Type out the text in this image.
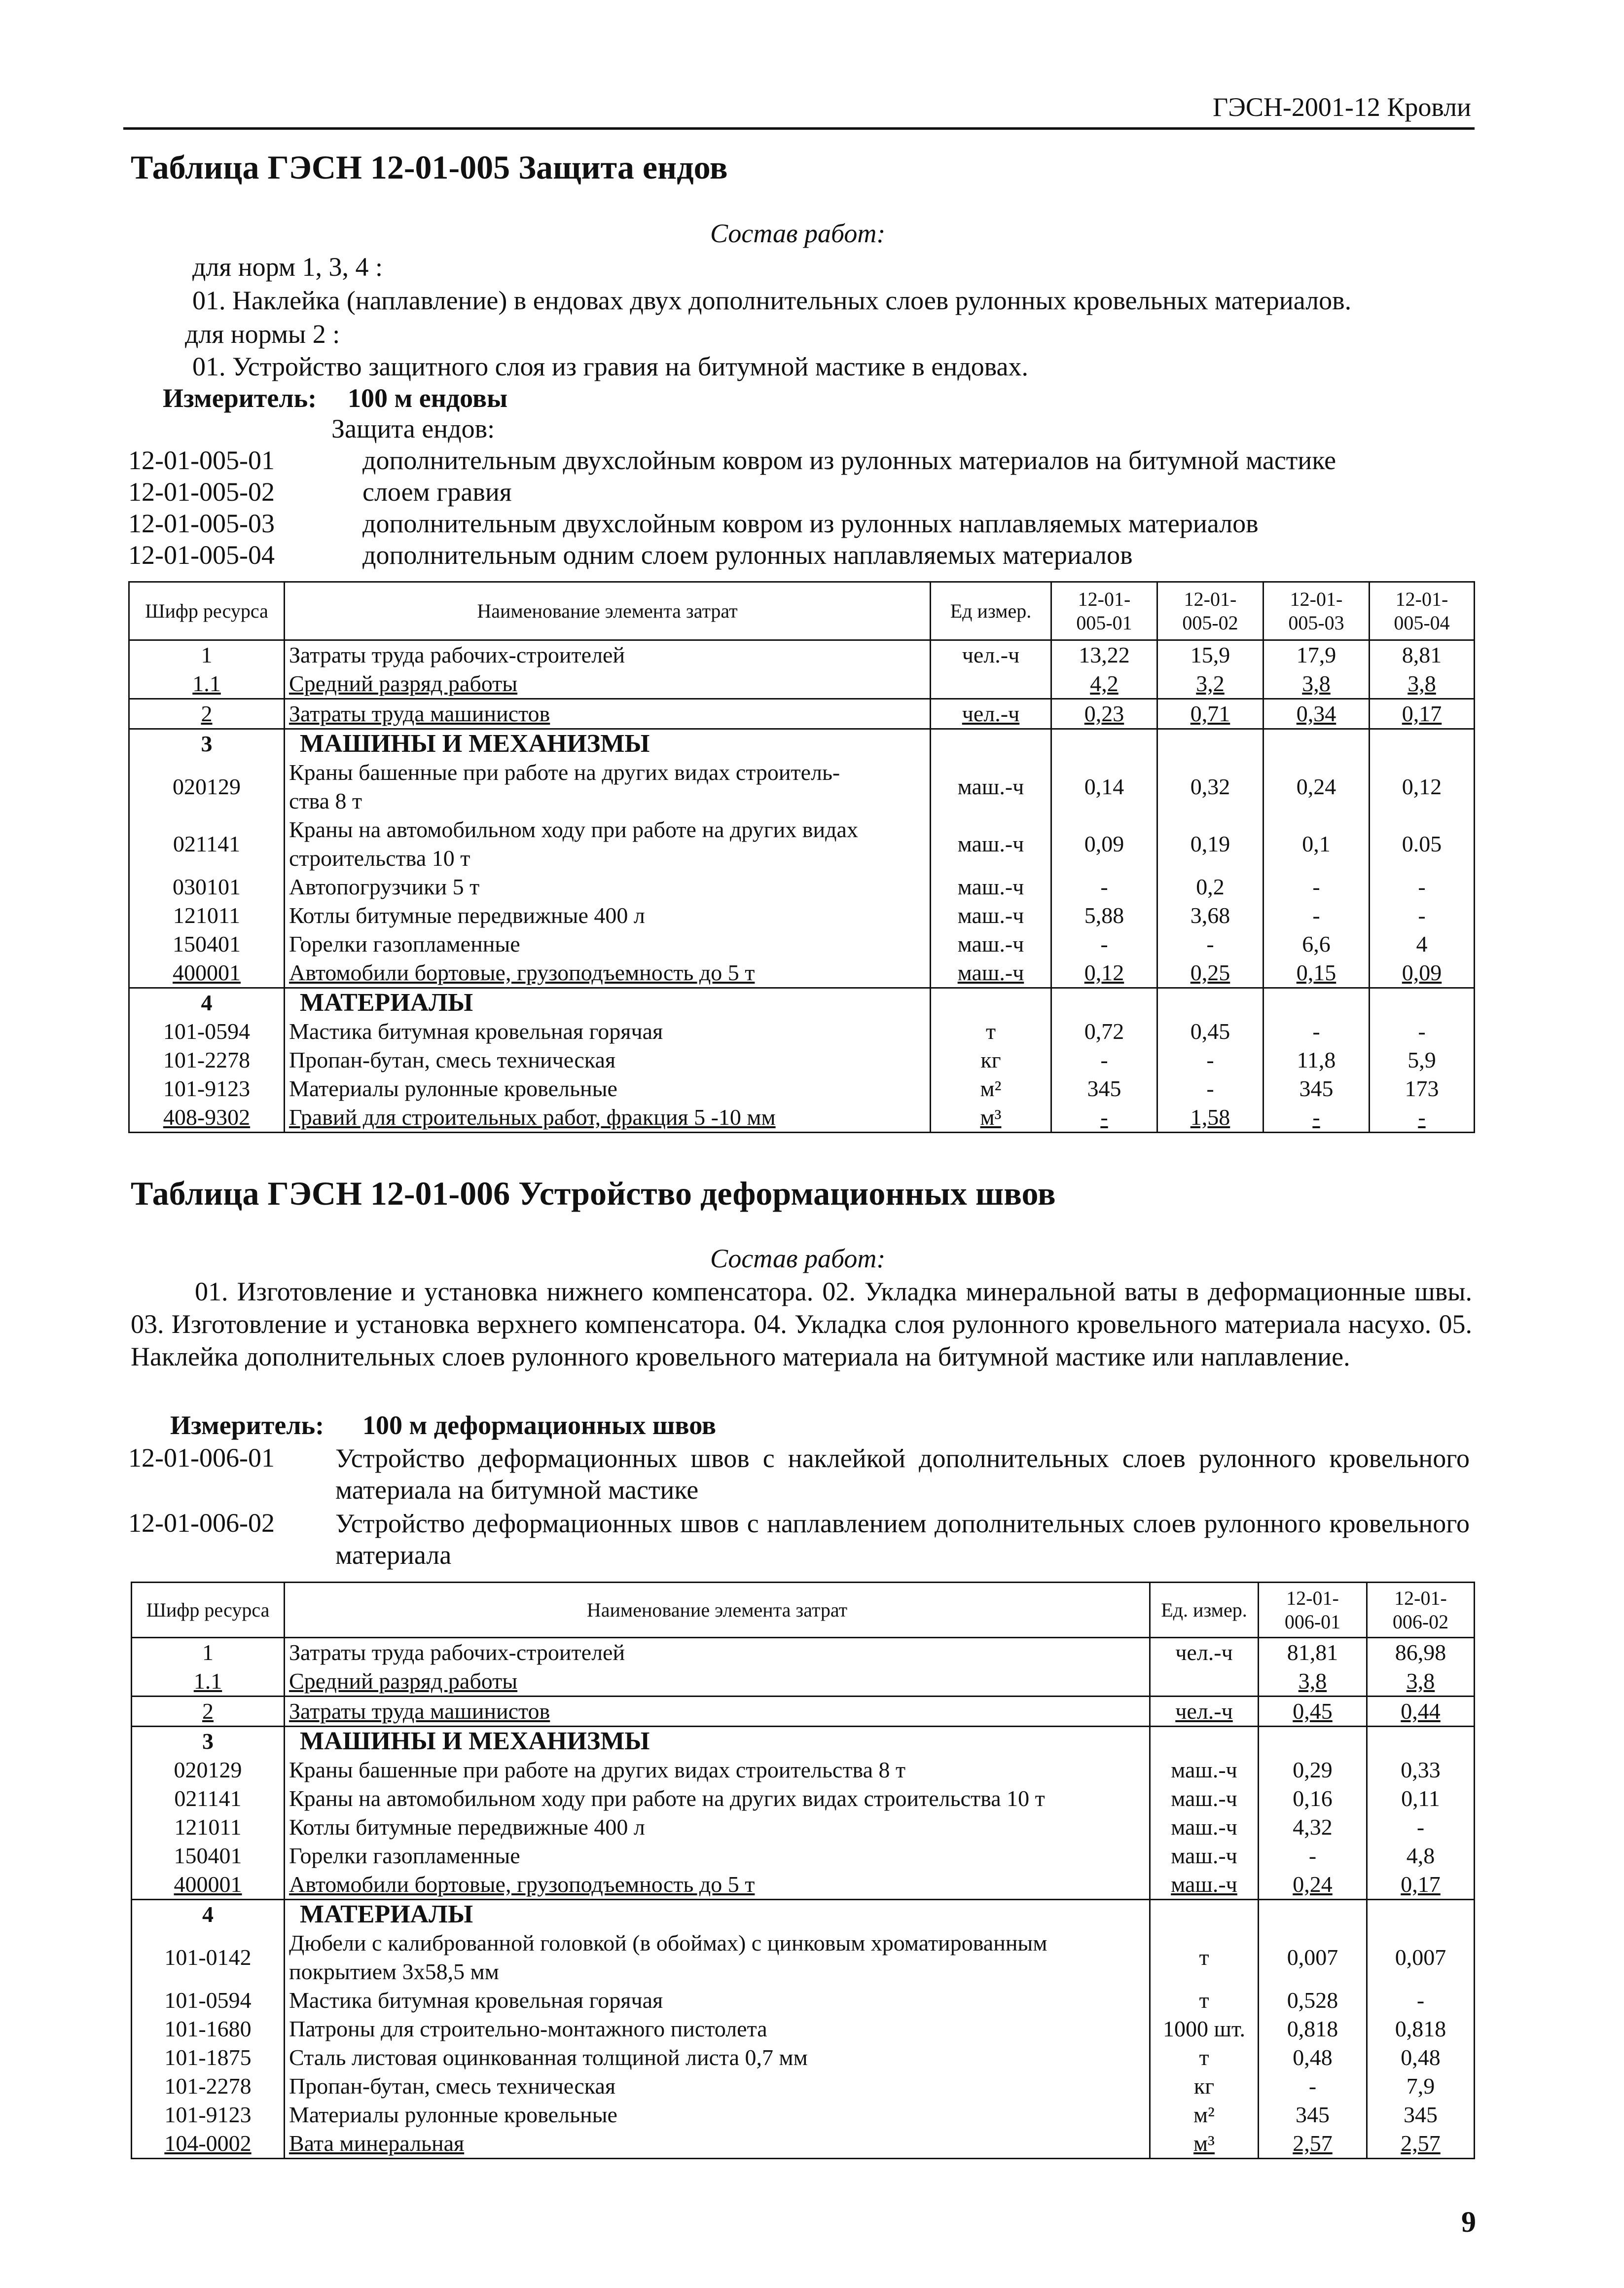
ГЭСН-2001-12 Кровли
Таблица ГЭСН 12-01-005 Защита ендов
Состав работ:
для норм 1, 3, 4 :
01. Наклейка (наплавление) в ендовах двух дополнительных слоев рулонных кровельных материалов.
для нормы 2 :
01. Устройство защитного слоя из гравия на битумной мастике в ендовах.
Измеритель: 100 м ендовы
Защита ендов:
12-01-005-01	дополнительным двухслойным ковром из рулонных материалов на битумной мастике
12-01-005-02	слоем гравия
12-01-005-03	дополнительным двухслойным ковром из рулонных наплавляемых материалов
12-01-005-04	дополнительным одним слоем рулонных наплавляемых материалов
Шифр ресурса	Наименование элемента затрат	Ед измер.	12-01-
005-01	12-01-
005-02	12-01-
005-03	12-01-
005-04
1	Затраты труда рабочих-строителей	чел.-ч	13,22	15,9	17,9	8,81
1.1	Средний разряд работы		4,2	3,2	3,8	3,8
2	Затраты труда машинистов	чел.-ч	0,23	0,71	0,34	0,17
3	МАШИНЫ И МЕХАНИЗМЫ					
020129	Краны башенные при работе на других видах строитель-
ства 8 т	маш.-ч	0,14	0,32	0,24	0,12
021141	Краны на автомобильном ходу при работе на других видах
строительства 10 т	маш.-ч	0,09	0,19	0,1	0.05
030101	Автопогрузчики 5 т	маш.-ч	-	0,2	-	-
121011	Котлы битумные передвижные 400 л	маш.-ч	5,88	3,68	-	-
150401	Горелки газопламенные	маш.-ч	-	-	6,6	4
400001	Автомобили бортовые, грузоподъемность до 5 т	маш.-ч	0,12	0,25	0,15	0,09
4	МАТЕРИАЛЫ					
101-0594	Мастика битумная кровельная горячая	т	0,72	0,45	-	-
101-2278	Пропан-бутан, смесь техническая	кг	-	-	11,8	5,9
101-9123	Материалы рулонные кровельные	м²	345	-	345	173
408-9302	Гравий для строительных работ, фракция 5 -10 мм	м³	-	1,58	-	-
Таблица ГЭСН 12-01-006 Устройство деформационных швов
Состав работ:
01. Изготовление и установка нижнего компенсатора. 02. Укладка минеральной ваты в деформационные швы. 03. Изготовление и установка верхнего компенсатора. 04. Укладка слоя рулонного кровельного материала насухо. 05. Наклейка дополнительных слоев рулонного кровельного материала на битумной мастике или наплавление.
Измеритель: 100 м деформационных швов
12-01-006-01	Устройство деформационных швов с наклейкой дополнительных слоев рулонного кровельного материала на битумной мастике
12-01-006-02	Устройство деформационных швов с наплавлением дополнительных слоев рулонного кровельного материала
Шифр ресурса	Наименование элемента затрат	Ед. измер.	12-01-
006-01	12-01-
006-02
1	Затраты труда рабочих-строителей	чел.-ч	81,81	86,98
1.1	Средний разряд работы		3,8	3,8
2	Затраты труда машинистов	чел.-ч	0,45	0,44
3	МАШИНЫ И МЕХАНИЗМЫ			
020129	Краны башенные при работе на других видах строительства 8 т	маш.-ч	0,29	0,33
021141	Краны на автомобильном ходу при работе на других видах строительства 10 т	маш.-ч	0,16	0,11
121011	Котлы битумные передвижные 400 л	маш.-ч	4,32	-
150401	Горелки газопламенные	маш.-ч	-	4,8
400001	Автомобили бортовые, грузоподъемность до 5 т	маш.-ч	0,24	0,17
4	МАТЕРИАЛЫ			
101-0142	Дюбели с калиброванной головкой (в обоймах) с цинковым хроматированным
покрытием 3х58,5 мм	т	0,007	0,007
101-0594	Мастика битумная кровельная горячая	т	0,528	-
101-1680	Патроны для строительно-монтажного пистолета	1000 шт.	0,818	0,818
101-1875	Сталь листовая оцинкованная толщиной листа 0,7 мм	т	0,48	0,48
101-2278	Пропан-бутан, смесь техническая	кг	-	7,9
101-9123	Материалы рулонные кровельные	м²	345	345
104-0002	Вата минеральная	м³	2,57	2,57
9
